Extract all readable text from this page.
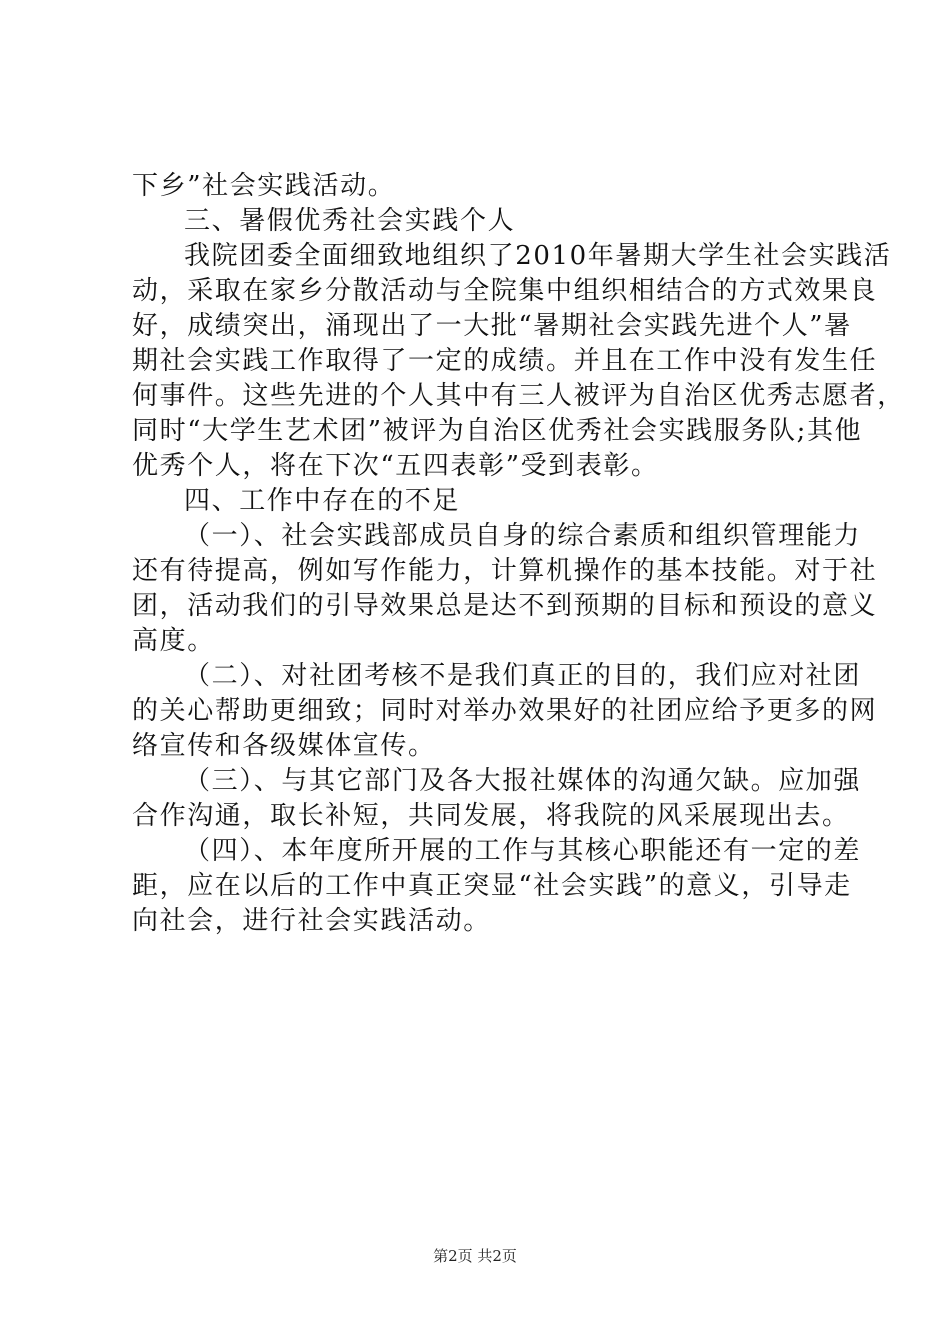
下乡”社会实践活动。
三、暑假优秀社会实践个人
我院团委全面细致地组织了2010年暑期大学生社会实践活
动，采取在家乡分散活动与全院集中组织相结合的方式效果良
好，成绩突出，涌现出了一大批“暑期社会实践先进个人”暑
期社会实践工作取得了一定的成绩。并且在工作中没有发生任
何事件。这些先进的个人其中有三人被评为自治区优秀志愿者，
同时“大学生艺术团”被评为自治区优秀社会实践服务队;其他
优秀个人，将在下次“五四表彰”受到表彰。
四、工作中存在的不足
（一）、社会实践部成员自身的综合素质和组织管理能力
还有待提高，例如写作能力，计算机操作的基本技能。对于社
团，活动我们的引导效果总是达不到预期的目标和预设的意义
高度。
（二）、对社团考核不是我们真正的目的，我们应对社团
的关心帮助更细致；同时对举办效果好的社团应给予更多的网
络宣传和各级媒体宣传。
（三）、与其它部门及各大报社媒体的沟通欠缺。应加强
合作沟通，取长补短，共同发展，将我院的风采展现出去。
（四）、本年度所开展的工作与其核心职能还有一定的差
距，应在以后的工作中真正突显“社会实践”的意义，引导走
向社会，进行社会实践活动。
第2页 共2页
